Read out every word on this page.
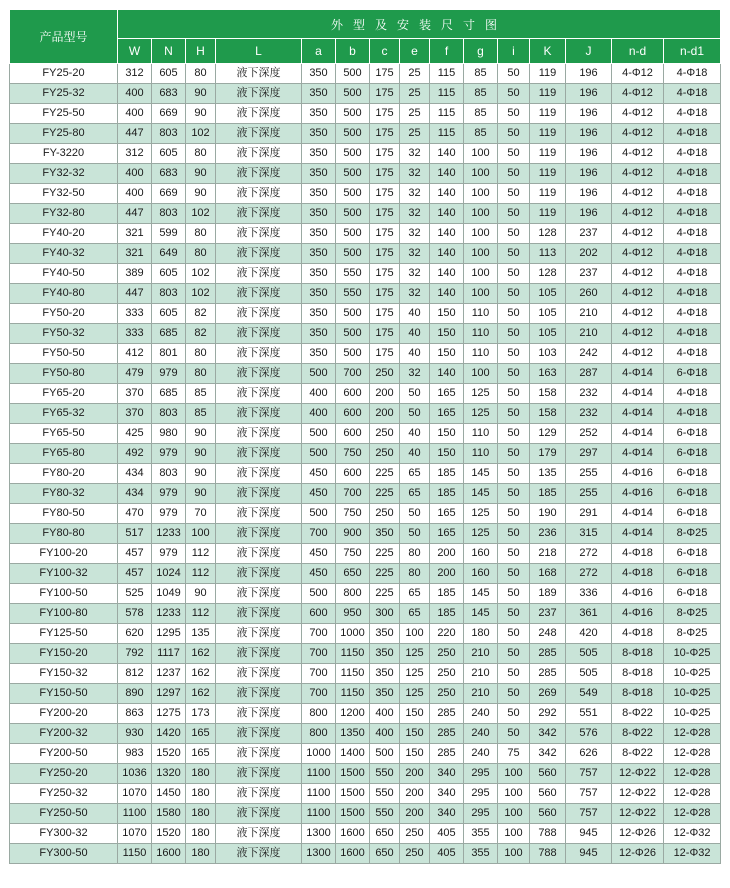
产品型号	外型及安装尺寸图														
	W	N	H	L	a	b	c	e	f	g	i	K	J	n-d	n-d1
FY25-20	312	605	80	液下深度	350	500	175	25	115	85	50	119	196	4-Φ12	4-Φ18
FY25-32	400	683	90	液下深度	350	500	175	25	115	85	50	119	196	4-Φ12	4-Φ18
FY25-50	400	669	90	液下深度	350	500	175	25	115	85	50	119	196	4-Φ12	4-Φ18
FY25-80	447	803	102	液下深度	350	500	175	25	115	85	50	119	196	4-Φ12	4-Φ18
FY-3220	312	605	80	液下深度	350	500	175	32	140	100	50	119	196	4-Φ12	4-Φ18
FY32-32	400	683	90	液下深度	350	500	175	32	140	100	50	119	196	4-Φ12	4-Φ18
FY32-50	400	669	90	液下深度	350	500	175	32	140	100	50	119	196	4-Φ12	4-Φ18
FY32-80	447	803	102	液下深度	350	500	175	32	140	100	50	119	196	4-Φ12	4-Φ18
FY40-20	321	599	80	液下深度	350	500	175	32	140	100	50	128	237	4-Φ12	4-Φ18
FY40-32	321	649	80	液下深度	350	500	175	32	140	100	50	113	202	4-Φ12	4-Φ18
FY40-50	389	605	102	液下深度	350	550	175	32	140	100	50	128	237	4-Φ12	4-Φ18
FY40-80	447	803	102	液下深度	350	550	175	32	140	100	50	105	260	4-Φ12	4-Φ18
FY50-20	333	605	82	液下深度	350	500	175	40	150	110	50	105	210	4-Φ12	4-Φ18
FY50-32	333	685	82	液下深度	350	500	175	40	150	110	50	105	210	4-Φ12	4-Φ18
FY50-50	412	801	80	液下深度	350	500	175	40	150	110	50	103	242	4-Φ12	4-Φ18
FY50-80	479	979	80	液下深度	500	700	250	32	140	100	50	163	287	4-Φ14	6-Φ18
FY65-20	370	685	85	液下深度	400	600	200	50	165	125	50	158	232	4-Φ14	4-Φ18
FY65-32	370	803	85	液下深度	400	600	200	50	165	125	50	158	232	4-Φ14	4-Φ18
FY65-50	425	980	90	液下深度	500	600	250	40	150	110	50	129	252	4-Φ14	6-Φ18
FY65-80	492	979	90	液下深度	500	750	250	40	150	110	50	179	297	4-Φ14	6-Φ18
FY80-20	434	803	90	液下深度	450	600	225	65	185	145	50	135	255	4-Φ16	6-Φ18
FY80-32	434	979	90	液下深度	450	700	225	65	185	145	50	185	255	4-Φ16	6-Φ18
FY80-50	470	979	70	液下深度	500	750	250	50	165	125	50	190	291	4-Φ14	6-Φ18
FY80-80	517	1233	100	液下深度	700	900	350	50	165	125	50	236	315	4-Φ14	8-Φ25
FY100-20	457	979	112	液下深度	450	750	225	80	200	160	50	218	272	4-Φ18	6-Φ18
FY100-32	457	1024	112	液下深度	450	650	225	80	200	160	50	168	272	4-Φ18	6-Φ18
FY100-50	525	1049	90	液下深度	500	800	225	65	185	145	50	189	336	4-Φ16	6-Φ18
FY100-80	578	1233	112	液下深度	600	950	300	65	185	145	50	237	361	4-Φ16	8-Φ25
FY125-50	620	1295	135	液下深度	700	1000	350	100	220	180	50	248	420	4-Φ18	8-Φ25
FY150-20	792	1117	162	液下深度	700	1150	350	125	250	210	50	285	505	8-Φ18	10-Φ25
FY150-32	812	1237	162	液下深度	700	1150	350	125	250	210	50	285	505	8-Φ18	10-Φ25
FY150-50	890	1297	162	液下深度	700	1150	350	125	250	210	50	269	549	8-Φ18	10-Φ25
FY200-20	863	1275	173	液下深度	800	1200	400	150	285	240	50	292	551	8-Φ22	10-Φ25
FY200-32	930	1420	165	液下深度	800	1350	400	150	285	240	50	342	576	8-Φ22	12-Φ28
FY200-50	983	1520	165	液下深度	1000	1400	500	150	285	240	75	342	626	8-Φ22	12-Φ28
FY250-20	1036	1320	180	液下深度	1100	1500	550	200	340	295	100	560	757	12-Φ22	12-Φ28
FY250-32	1070	1450	180	液下深度	1100	1500	550	200	340	295	100	560	757	12-Φ22	12-Φ28
FY250-50	1100	1580	180	液下深度	1100	1500	550	200	340	295	100	560	757	12-Φ22	12-Φ28
FY300-32	1070	1520	180	液下深度	1300	1600	650	250	405	355	100	788	945	12-Φ26	12-Φ32
FY300-50	1150	1600	180	液下深度	1300	1600	650	250	405	355	100	788	945	12-Φ26	12-Φ32
